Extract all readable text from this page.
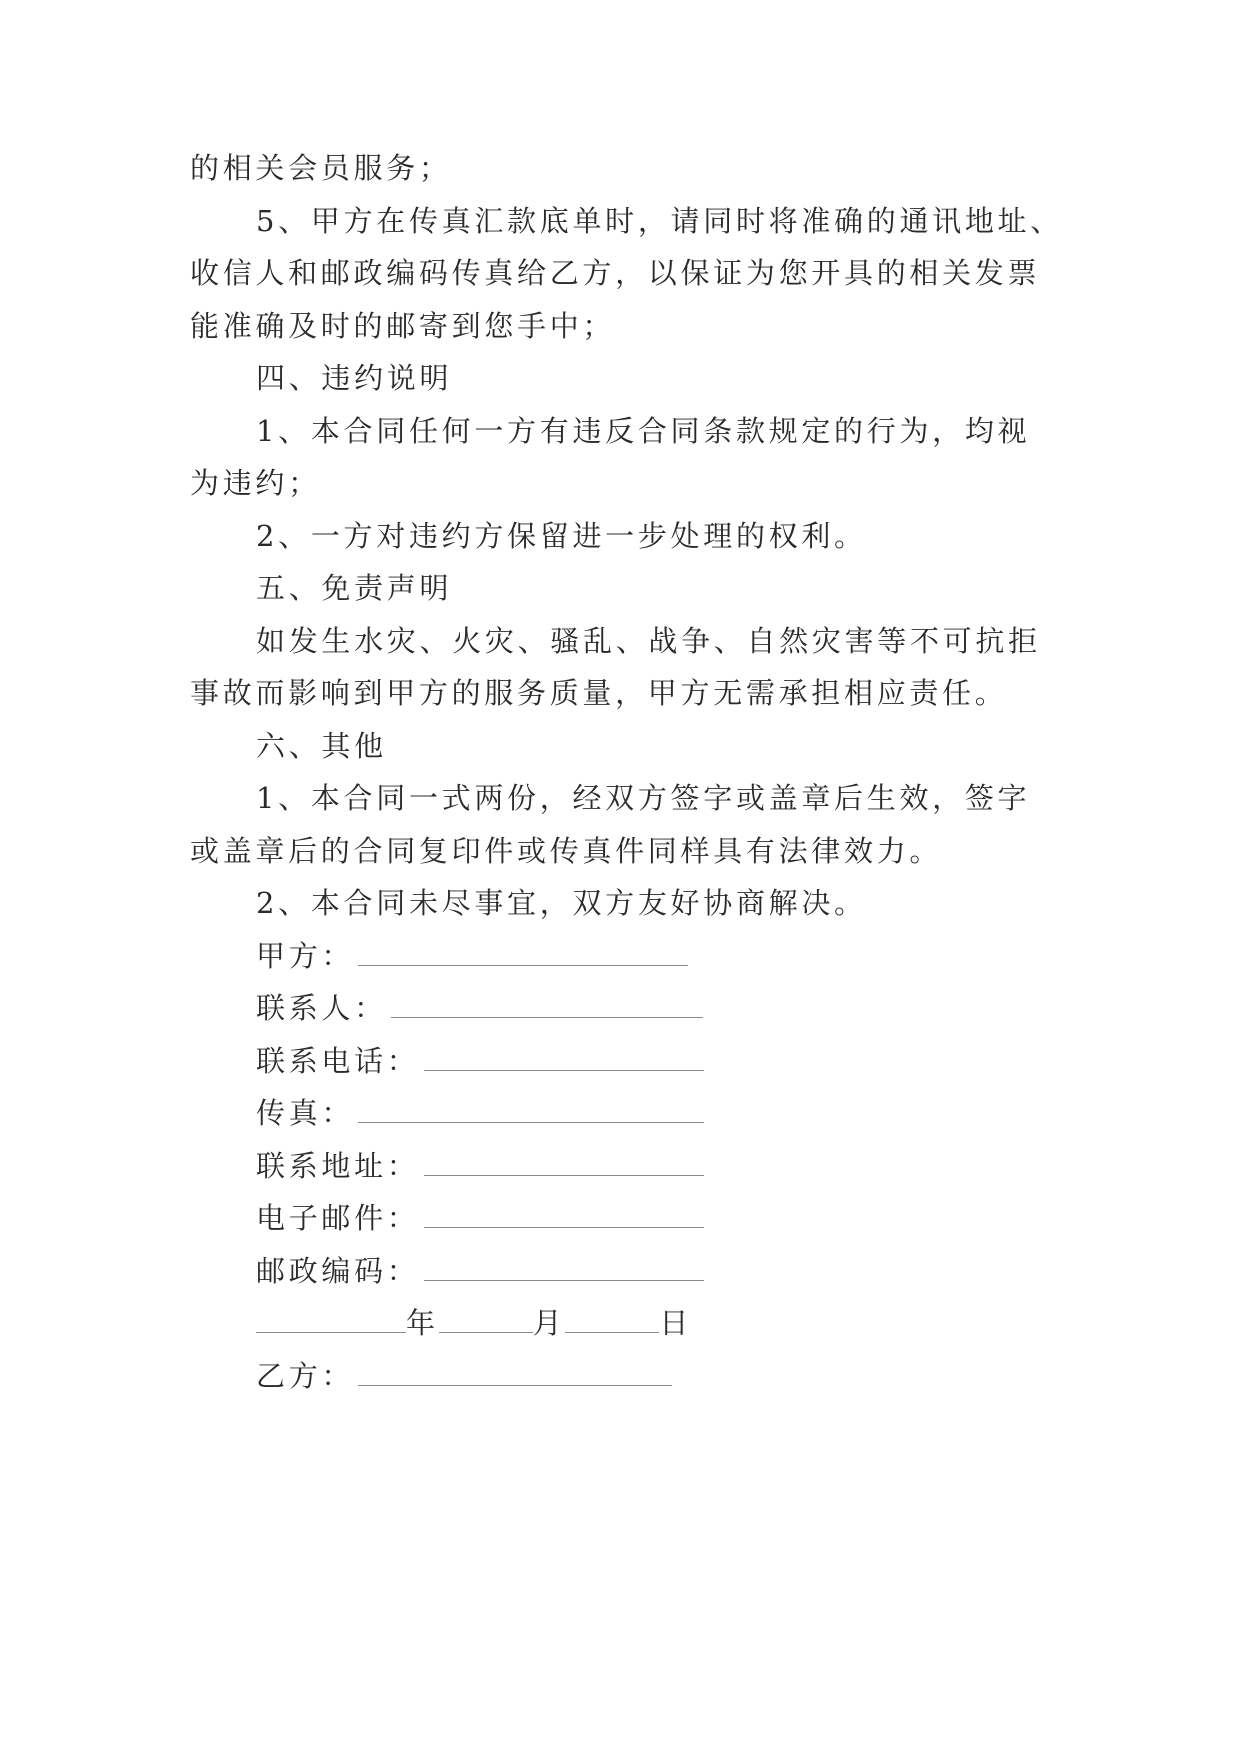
的相关会员服务；
5、甲方在传真汇款底单时，请同时将准确的通讯地址、
收信人和邮政编码传真给乙方，以保证为您开具的相关发票
能准确及时的邮寄到您手中；
四、违约说明
1、本合同任何一方有违反合同条款规定的行为，均视
为违约；
2、一方对违约方保留进一步处理的权利。
五、免责声明
如发生水灾、火灾、骚乱、战争、自然灾害等不可抗拒
事故而影响到甲方的服务质量，甲方无需承担相应责任。
六、其他
1、本合同一式两份，经双方签字或盖章后生效，签字
或盖章后的合同复印件或传真件同样具有法律效力。
2、本合同未尽事宜，双方友好协商解决。
甲方：
联系人：
联系电话：
传真：
联系地址：
电子邮件：
邮政编码：
年	月	日
乙方：
